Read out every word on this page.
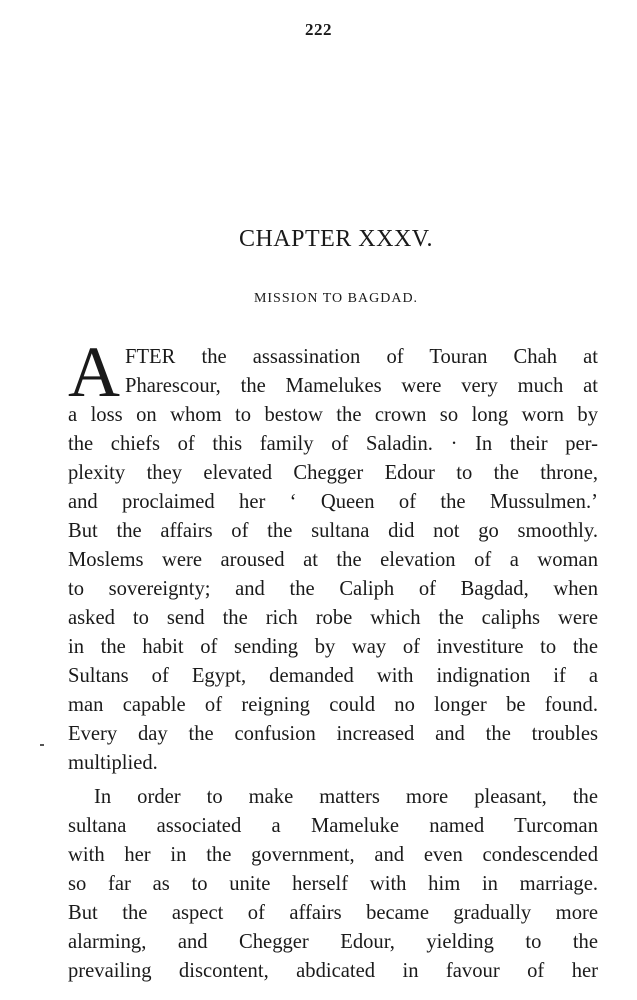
222
CHAPTER XXXV.
MISSION TO BAGDAD.
A FTER the assassination of Touran Chah at
Pharescour, the Mamelukes were very much at
a loss on whom to bestow the crown so long worn by
the chiefs of this family of Saladin. · In their per-
plexity they elevated Chegger Edour to the throne,
and proclaimed her ‘ Queen of the Mussulmen.’
But the affairs of the sultana did not go smoothly.
Moslems were aroused at the elevation of a woman
to sovereignty; and the Caliph of Bagdad, when
asked to send the rich robe which the caliphs were
in the habit of sending by way of investiture to the
Sultans of Egypt, demanded with indignation if a
man capable of reigning could no longer be found.
Every day the confusion increased and the troubles
multiplied.
In order to make matters more pleasant, the
sultana associated a Mameluke named Turcoman
with her in the government, and even condescended
so far as to unite herself with him in marriage.
But the aspect of affairs became gradually more
alarming, and Chegger Edour, yielding to the
prevailing discontent, abdicated in favour of her
